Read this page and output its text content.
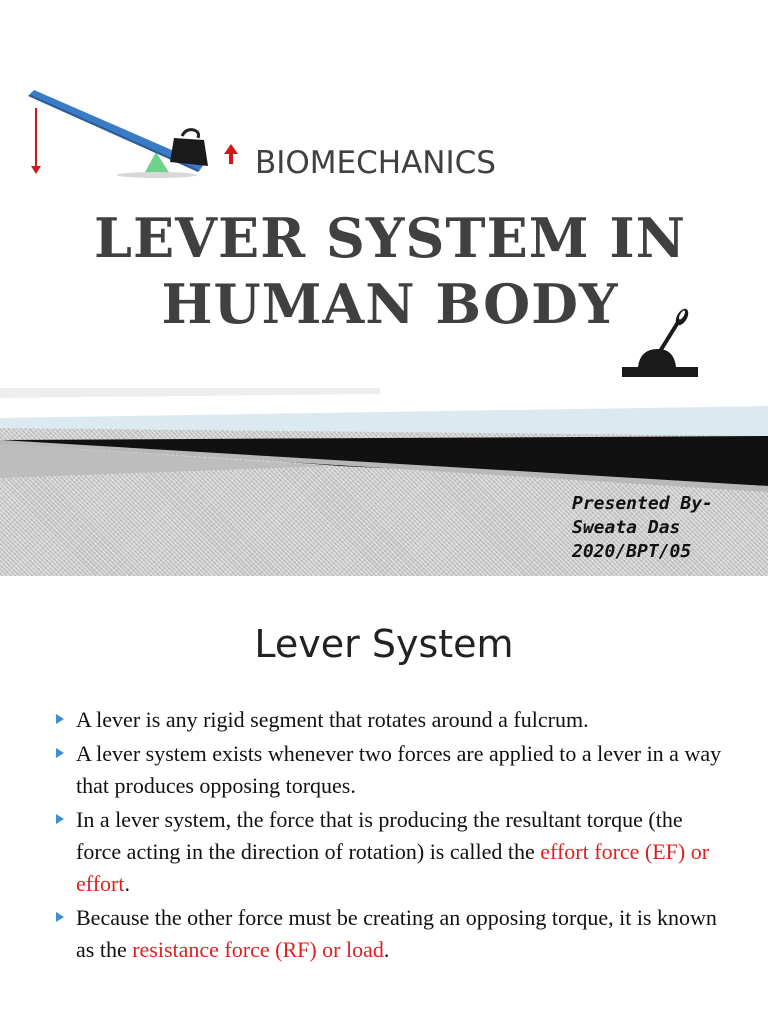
BIOMECHANICS
LEVER SYSTEM IN
HUMAN BODY
Presented By-
Sweata Das
2020/BPT/05
Lever System
A lever is any rigid segment that rotates around a fulcrum.
A lever system exists whenever two forces are applied to a lever in a way that produces opposing torques.
In a lever system, the force that is producing the resultant torque (the force acting in the direction of rotation) is called the effort force (EF) or effort.
Because the other force must be creating an opposing torque, it is known as the resistance force (RF) or load.
